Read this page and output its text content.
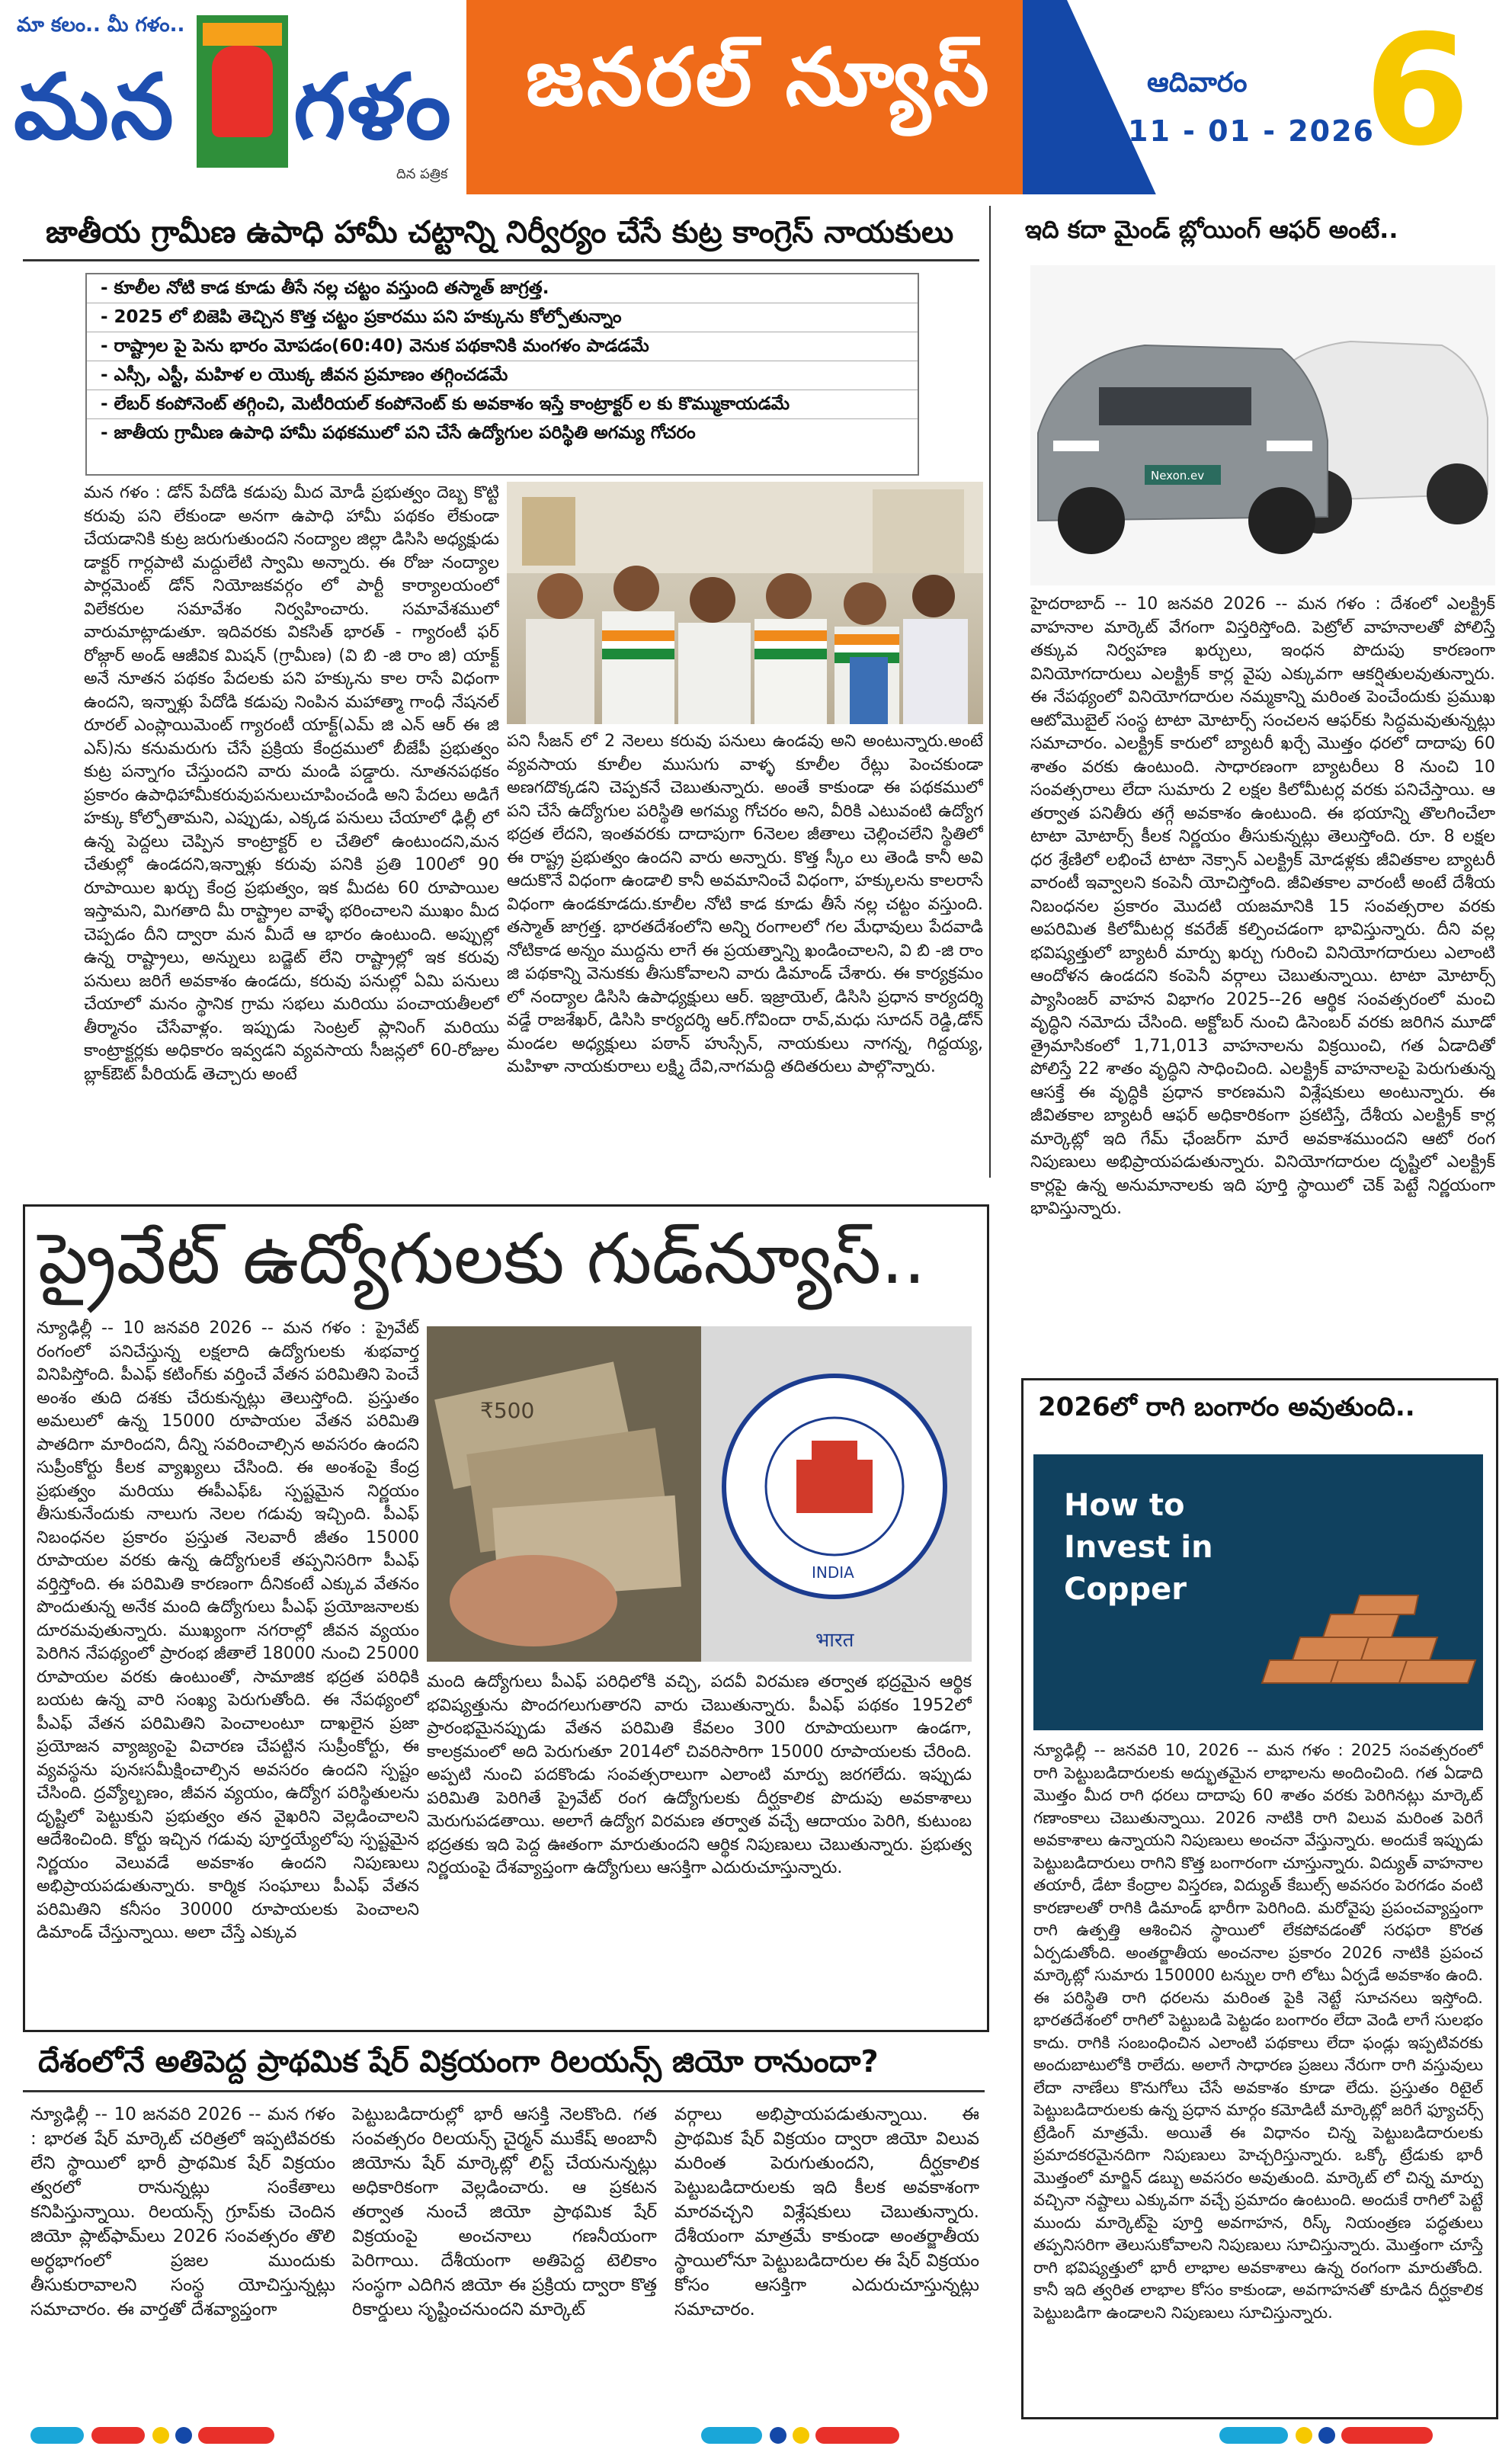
మా కలం.. మీ గళం..
మన గళం
దిన పత్రిక
జనరల్ న్యూస్	ఆదివారం
11 - 01 - 2026
6
జాతీయ గ్రామీణ ఉపాధి హామీ చట్టాన్ని నిర్వీర్యం చేసే కుట్ర కాంగ్రెస్ నాయకులు
- కూలీల నోటి కాడ కూడు తీసే నల్ల చట్టం వస్తుంది తస్మాత్ జాగ్రత్త.
- 2025 లో బిజెపి తెచ్చిన కొత్త చట్టం ప్రకారము పని హక్కును కోల్పోతున్నాం
- రాష్ట్రాల పై పెను భారం మోపడం(60:40) వెనుక పథకానికి మంగళం పాడడమే
- ఎస్సీ, ఎస్టీ, మహిళ ల యొక్క జీవన ప్రమాణం తగ్గించడమే
- లేబర్ కంపోనెంట్ తగ్గించి, మెటీరియల్ కంపోనెంట్ కు అవకాశం ఇస్తే కాంట్రాక్టర్ ల కు కొమ్ముకాయడమే
- జాతీయ గ్రామీణ ఉపాధి హామీ పథకములో పని చేసే ఉద్యోగుల పరిస్థితి అగమ్య గోచరం
మన గళం : డోన్ పేదోడి కడుపు మీద మోడీ ప్రభుత్వం దెబ్బ కొట్టి కరువు పని లేకుండా అనగా ఉపాధి హామీ పథకం లేకుండా చేయడానికి కుట్ర జరుగుతుందని నంద్యాల జిల్లా డిసిసి అధ్యక్షుడు డాక్టర్ గార్లపాటి మద్దులేటి స్వామి అన్నారు. ఈ రోజు నంద్యాల పార్లమెంట్ డోన్ నియోజకవర్గం లో పార్టీ కార్యాలయంలో విలేకరుల సమావేశం నిర్వహించారు. సమావేశములో వారుమాట్లాడుతూ. ఇదివరకు వికసిత్ భారత్ - గ్యారంటీ ఫర్ రోజ్గార్ అండ్ ఆజీవిక మిషన్ (గ్రామీణ) (వి బి -జి రాం జి) యాక్ట్ అనే నూతన పథకం పేదలకు పని హక్కును కాల రాసే విధంగా ఉందని, ఇన్నాళ్లు పేదోడి కడుపు నింపిన మహాత్మా గాంధీ నేషనల్ రూరల్ ఎంప్లాయిమెంట్ గ్యారంటీ యాక్ట్(ఎమ్ జి ఎన్ ఆర్ ఈ జి ఎస్)ను కనుమరుగు చేసే ప్రక్రియ కేంద్రములో బీజేపీ ప్రభుత్వం కుట్ర పన్నాగం చేస్తుందని వారు మండి పడ్డారు. నూతనపథకం ప్రకారం ఉపాధిహామీకరువుపనులుచూపించండి అని పేదలు అడిగే హక్కు కోల్పోతామని, ఎప్పుడు, ఎక్కడ పనులు చేయాలో ఢిల్లీ లో ఉన్న పెద్దలు చెప్పిన కాంట్రాక్టర్ ల చేతిలో ఉంటుందని,మన చేతుల్లో ఉండదని,ఇన్నాళ్లు కరువు పనికి ప్రతి 100లో 90 రూపాయిల ఖర్చు కేంద్ర ప్రభుత్వం, ఇక మీదట 60 రూపాయిల ఇస్తామని, మిగతాది మీ రాష్ట్రాల వాళ్ళే భరించాలని ముఖం మీద చెప్పడం దీని ద్వారా మన మీదే ఆ భారం ఉంటుంది. అప్పుల్లో ఉన్న రాష్ట్రాలు, అన్నులు బడ్జెట్ లేని రాష్ట్రాల్లో ఇక కరువు పనులు జరిగే అవకాశం ఉండదు, కరువు పనుల్లో ఏమి పనులు చేయాలో మనం స్థానిక గ్రామ సభలు మరియు పంచాయతీలలో తీర్మానం చేసేవాళ్లం. ఇప్పుడు సెంట్రల్ ప్లానింగ్ మరియు కాంట్రాక్టర్లకు అధికారం ఇవ్వడని వ్యవసాయ సీజన్లలో 60-రోజుల బ్లాక్ఔట్ పీరియడ్ తెచ్చారు అంటే
పని సీజన్ లో 2 నెలలు కరువు పనులు ఉండవు అని అంటున్నారు.అంటే వ్యవసాయ కూలీల ముసుగు వాళ్ళ కూలీల రేట్లు పెంచకుండా అణగదొక్కడని చెప్పకనే చెబుతున్నారు. అంతే కాకుండా ఈ పథకములో పని చేసే ఉద్యోగుల పరిస్థితి అగమ్య గోచరం అని, వీరికి ఎటువంటి ఉద్యోగ భద్రత లేదని, ఇంతవరకు దాదాపుగా 6నెలల జీతాలు చెల్లించలేని స్థితిలో ఈ రాష్ట్ర ప్రభుత్వం ఉందని వారు అన్నారు. కొత్త స్కీం లు తెండి కానీ అవి ఆదుకొనే విధంగా ఉండాలి కానీ అవమానించే విధంగా, హక్కులను కాలరాసే విధంగా ఉండకూడదు.కూలీల నోటి కాడ కూడు తీసే నల్ల చట్టం వస్తుంది. తస్మాత్ జాగ్రత్త. భారతదేశంలోని అన్ని రంగాలలో గల మేధావులు పేదవాడి నోటికాడ అన్నం ముద్దను లాగే ఈ ప్రయత్నాన్ని ఖండించాలని, వి బి -జి రాం జి పథకాన్ని వెనుకకు తీసుకోవాలని వారు డిమాండ్ చేశారు. ఈ కార్యక్రమం లో నంద్యాల డిసిసి ఉపాధ్యక్షులు ఆర్. ఇజ్రాయెల్, డిసిసి ప్రధాన కార్యదర్శి వడ్డే రాజశేఖర్, డిసిసి కార్యదర్శి ఆర్.గోవిందా రావ్,మధు సూదన్ రెడ్డి,డోన్ మండల అధ్యక్షులు పఠాన్ హుస్సేన్, నాయకులు నాగన్న, గిద్దయ్య, మహిళా నాయకురాలు లక్ష్మి దేవి,నాగమద్ది తదితరులు పాల్గొన్నారు.
ఇది కదా మైండ్ బ్లోయింగ్ ఆఫర్ అంటే..
Nexon.ev
హైదరాబాద్ -- 10 జనవరి 2026 -- మన గళం : దేశంలో ఎలక్ట్రిక్ వాహనాల మార్కెట్ వేగంగా విస్తరిస్తోంది. పెట్రోల్ వాహనాలతో పోలిస్తే తక్కువ నిర్వహణ ఖర్చులు, ఇంధన పొదుపు కారణంగా వినియోగదారులు ఎలక్ట్రిక్ కార్ల వైపు ఎక్కువగా ఆకర్షితులవుతున్నారు. ఈ నేపథ్యంలో వినియోగదారుల నమ్మకాన్ని మరింత పెంచేందుకు ప్రముఖ ఆటోమొబైల్ సంస్థ టాటా మోటార్స్ సంచలన ఆఫర్‌కు సిద్ధమవుతున్నట్లు సమాచారం. ఎలక్ట్రిక్ కారులో బ్యాటరీ ఖర్చే మొత్తం ధరలో దాదాపు 60 శాతం వరకు ఉంటుంది. సాధారణంగా బ్యాటరీలు 8 నుంచి 10 సంవత్సరాలు లేదా సుమారు 2 లక్షల కిలోమీటర్ల వరకు పనిచేస్తాయి. ఆ తర్వాత పనితీరు తగ్గే అవకాశం ఉంటుంది. ఈ భయాన్ని తొలగించేలా టాటా మోటార్స్ కీలక నిర్ణయం తీసుకున్నట్లు తెలుస్తోంది. రూ. 8 లక్షల ధర శ్రేణిలో లభించే టాటా నెక్సాన్ ఎలక్ట్రిక్ మోడళ్లకు జీవితకాల బ్యాటరీ వారంటీ ఇవ్వాలని కంపెనీ యోచిస్తోంది. జీవితకాల వారంటీ అంటే దేశీయ నిబంధనల ప్రకారం మొదటి యజమానికి 15 సంవత్సరాల వరకు అపరిమిత కిలోమీటర్ల కవరేజ్ కల్పించడంగా భావిస్తున్నారు. దీని వల్ల భవిష్యత్తులో బ్యాటరీ మార్పు ఖర్చు గురించి వినియోగదారులు ఎలాంటి ఆందోళన ఉండదని కంపెనీ వర్గాలు చెబుతున్నాయి. టాటా మోటార్స్ ప్యాసింజర్ వాహన విభాగం 2025--26 ఆర్థిక సంవత్సరంలో మంచి వృద్ధిని నమోదు చేసింది. అక్టోబర్ నుంచి డిసెంబర్ వరకు జరిగిన మూడో త్రైమాసికంలో 1,71,013 వాహనాలను విక్రయించి, గత ఏడాదితో పోలిస్తే 22 శాతం వృద్ధిని సాధించింది. ఎలక్ట్రిక్ వాహనాలపై పెరుగుతున్న ఆసక్తే ఈ వృద్ధికి ప్రధాన కారణమని విశ్లేషకులు అంటున్నారు. ఈ జీవితకాల బ్యాటరీ ఆఫర్ అధికారికంగా ప్రకటిస్తే, దేశీయ ఎలక్ట్రిక్ కార్ల మార్కెట్లో ఇది గేమ్ ఛేంజర్‌గా మారే అవకాశముందని ఆటో రంగ నిపుణులు అభిప్రాయపడుతున్నారు. వినియోగదారుల దృష్టిలో ఎలక్ట్రిక్ కార్లపై ఉన్న అనుమానాలకు ఇది పూర్తి స్థాయిలో చెక్ పెట్టే నిర్ణయంగా భావిస్తున్నారు.
ప్రైవేట్ ఉద్యోగులకు గుడ్‌న్యూస్..
న్యూఢిల్లీ -- 10 జనవరి 2026 -- మన గళం : ప్రైవేట్ రంగంలో పనిచేస్తున్న లక్షలాది ఉద్యోగులకు శుభవార్త వినిపిస్తోంది. పీఎఫ్ కటింగ్‌కు వర్తించే వేతన పరిమితిని పెంచే అంశం తుది దశకు చేరుకున్నట్లు తెలుస్తోంది. ప్రస్తుతం అమలులో ఉన్న 15000 రూపాయల వేతన పరిమితి పాతదిగా మారిందని, దీన్ని సవరించాల్సిన అవసరం ఉందని సుప్రీంకోర్టు కీలక వ్యాఖ్యలు చేసింది. ఈ అంశంపై కేంద్ర ప్రభుత్వం మరియు ఈపీఎఫ్‌ఓ స్పష్టమైన నిర్ణయం తీసుకునేందుకు నాలుగు నెలల గడువు ఇచ్చింది. పీఎఫ్ నిబంధనల ప్రకారం ప్రస్తుత నెలవారీ జీతం 15000 రూపాయల వరకు ఉన్న ఉద్యోగులకే తప్పనిసరిగా పీఎఫ్ వర్తిస్తోంది. ఈ పరిమితి కారణంగా దీనికంటే ఎక్కువ వేతనం పొందుతున్న అనేక మంది ఉద్యోగులు పీఎఫ్ ప్రయోజనాలకు దూరమవుతున్నారు. ముఖ్యంగా నగరాల్లో జీవన వ్యయం పెరిగిన నేపథ్యంలో ప్రారంభ జీతాలే 18000 నుంచి 25000 రూపాయల వరకు ఉంటుంతో, సామాజిక భద్రత పరిధికి బయట ఉన్న వారి సంఖ్య పెరుగుతోంది. ఈ నేపథ్యంలో పీఎఫ్ వేతన పరిమితిని పెంచాలంటూ దాఖలైన ప్రజా ప్రయోజన వ్యాజ్యంపై విచారణ చేపట్టిన సుప్రీంకోర్టు, ఈ వ్యవస్థను పునఃసమీక్షించాల్సిన అవసరం ఉందని స్పష్టం చేసింది. ద్రవ్యోల్బణం, జీవన వ్యయం, ఉద్యోగ పరిస్థితులను దృష్టిలో పెట్టుకుని ప్రభుత్వం తన వైఖరిని వెల్లడించాలని ఆదేశించింది. కోర్టు ఇచ్చిన గడువు పూర్తయ్యేలోపు స్పష్టమైన నిర్ణయం వెలువడే అవకాశం ఉందని నిపుణులు అభిప్రాయపడుతున్నారు. కార్మిక సంఘాలు పీఎఫ్ వేతన పరిమితిని కనీసం 30000 రూపాయలకు పెంచాలని డిమాండ్ చేస్తున్నాయి. అలా చేస్తే ఎక్కువ
₹500
INDIA
भारत
మంది ఉద్యోగులు పీఎఫ్ పరిధిలోకి వచ్చి, పదవీ విరమణ తర్వాత భద్రమైన ఆర్థిక భవిష్యత్తును పొందగలుగుతారని వారు చెబుతున్నారు. పీఎఫ్ పథకం 1952లో ప్రారంభమైనప్పుడు వేతన పరిమితి కేవలం 300 రూపాయలుగా ఉండగా, కాలక్రమంలో అది పెరుగుతూ 2014లో చివరిసారిగా 15000 రూపాయలకు చేరింది. అప్పటి నుంచి పదకొండు సంవత్సరాలుగా ఎలాంటి మార్పు జరగలేదు. ఇప్పుడు పరిమితి పెరిగితే ప్రైవేట్ రంగ ఉద్యోగులకు దీర్ఘకాలిక పొదుపు అవకాశాలు మెరుగుపడతాయి. అలాగే ఉద్యోగ విరమణ తర్వాత వచ్చే ఆదాయం పెరిగి, కుటుంబ భద్రతకు ఇది పెద్ద ఊతంగా మారుతుందని ఆర్థిక నిపుణులు చెబుతున్నారు. ప్రభుత్వ నిర్ణయంపై దేశవ్యాప్తంగా ఉద్యోగులు ఆసక్తిగా ఎదురుచూస్తున్నారు.
2026లో రాగి బంగారం అవుతుంది..
How to
Invest in
Copper
న్యూఢిల్లీ -- జనవరి 10, 2026 -- మన గళం : 2025 సంవత్సరంలో రాగి పెట్టుబడిదారులకు అద్భుతమైన లాభాలను అందించింది. గత ఏడాది మొత్తం మీద రాగి ధరలు దాదాపు 60 శాతం వరకు పెరిగినట్లు మార్కెట్ గణాంకాలు చెబుతున్నాయి. 2026 నాటికి రాగి విలువ మరింత పెరిగే అవకాశాలు ఉన్నాయని నిపుణులు అంచనా వేస్తున్నారు. అందుకే ఇప్పుడు పెట్టుబడిదారులు రాగిని కొత్త బంగారంగా చూస్తున్నారు. విద్యుత్ వాహనాల తయారీ, డేటా కేంద్రాల విస్తరణ, విద్యుత్ కేబుల్స్ అవసరం పెరగడం వంటి కారణాలతో రాగికి డిమాండ్ భారీగా పెరిగింది. మరోవైపు ప్రపంచవ్యాప్తంగా రాగి ఉత్పత్తి ఆశించిన స్థాయిలో లేకపోవడంతో సరఫరా కొరత ఏర్పడుతోంది. అంతర్జాతీయ అంచనాల ప్రకారం 2026 నాటికి ప్రపంచ మార్కెట్లో సుమారు 150000 టన్నుల రాగి లోటు ఏర్పడే అవకాశం ఉంది. ఈ పరిస్థితి రాగి ధరలను మరింత పైకి నెట్టే సూచనలు ఇస్తోంది. భారతదేశంలో రాగిలో పెట్టుబడి పెట్టడం బంగారం లేదా వెండి లాగే సులభం కాదు. రాగికి సంబంధించిన ఎలాంటి పథకాలు లేదా ఫండ్లు ఇప్పటివరకు అందుబాటులోకి రాలేదు. అలాగే సాధారణ ప్రజలు నేరుగా రాగి వస్తువులు లేదా నాణేలు కొనుగోలు చేసే అవకాశం కూడా లేదు. ప్రస్తుతం రిటైల్ పెట్టుబడిదారులకు ఉన్న ప్రధాన మార్గం కమోడిటీ మార్కెట్లో జరిగే ఫ్యూచర్స్ ట్రేడింగ్ మాత్రమే. అయితే ఈ విధానం చిన్న పెట్టుబడిదారులకు ప్రమాదకరమైనదిగా నిపుణులు హెచ్చరిస్తున్నారు. ఒక్కో ట్రేడుకు భారీ మొత్తంలో మార్జిన్ డబ్బు అవసరం అవుతుంది. మార్కెట్ లో చిన్న మార్పు వచ్చినా నష్టాలు ఎక్కువగా వచ్చే ప్రమాదం ఉంటుంది. అందుకే రాగిలో పెట్టే ముందు మార్కెట్‌పై పూర్తి అవగాహన, రిస్క్ నియంత్రణ పద్ధతులు తప్పనిసరిగా తెలుసుకోవాలని నిపుణులు సూచిస్తున్నారు. మొత్తంగా చూస్తే రాగి భవిష్యత్తులో భారీ లాభాల అవకాశాలు ఉన్న రంగంగా మారుతోంది. కానీ ఇది త్వరిత లాభాల కోసం కాకుండా, అవగాహనతో కూడిన దీర్ఘకాలిక పెట్టుబడిగా ఉండాలని నిపుణులు సూచిస్తున్నారు.
దేశంలోనే అతిపెద్ద ప్రాథమిక షేర్ విక్రయంగా రిలయన్స్ జియో రానుందా?
న్యూఢిల్లీ -- 10 జనవరి 2026 -- మన గళం : భారత షేర్ మార్కెట్ చరిత్రలో ఇప్పటివరకు లేని స్థాయిలో భారీ ప్రాథమిక షేర్ విక్రయం త్వరలో రానున్నట్లు సంకేతాలు కనిపిస్తున్నాయి. రిలయన్స్ గ్రూప్‌కు చెందిన జియో ప్లాట్‌ఫామ్‌లు 2026 సంవత్సరం తొలి అర్ధభాగంలో ప్రజల ముందుకు తీసుకురావాలని సంస్థ యోచిస్తున్నట్లు సమాచారం. ఈ వార్తతో దేశవ్యాప్తంగా
పెట్టుబడిదారుల్లో భారీ ఆసక్తి నెలకొంది. గత సంవత్సరం రిలయన్స్ చైర్మన్ ముకేష్ అంబానీ జియోను షేర్ మార్కెట్లో లిస్ట్ చేయనున్నట్లు అధికారికంగా వెల్లడించారు. ఆ ప్రకటన తర్వాత నుంచే జియో ప్రాథమిక షేర్ విక్రయంపై అంచనాలు గణనీయంగా పెరిగాయి. దేశీయంగా అతిపెద్ద టెలికాం సంస్థగా ఎదిగిన జియో ఈ ప్రక్రియ ద్వారా కొత్త రికార్డులు సృష్టించనుందని మార్కెట్
వర్గాలు అభిప్రాయపడుతున్నాయి. ఈ ప్రాథమిక షేర్ విక్రయం ద్వారా జియో విలువ మరింత పెరుగుతుందని, దీర్ఘకాలిక పెట్టుబడిదారులకు ఇది కీలక అవకాశంగా మారవచ్చని విశ్లేషకులు చెబుతున్నారు. దేశీయంగా మాత్రమే కాకుండా అంతర్జాతీయ స్థాయిలోనూ పెట్టుబడిదారుల ఈ షేర్ విక్రయం కోసం ఆసక్తిగా ఎదురుచూస్తున్నట్లు సమాచారం.
